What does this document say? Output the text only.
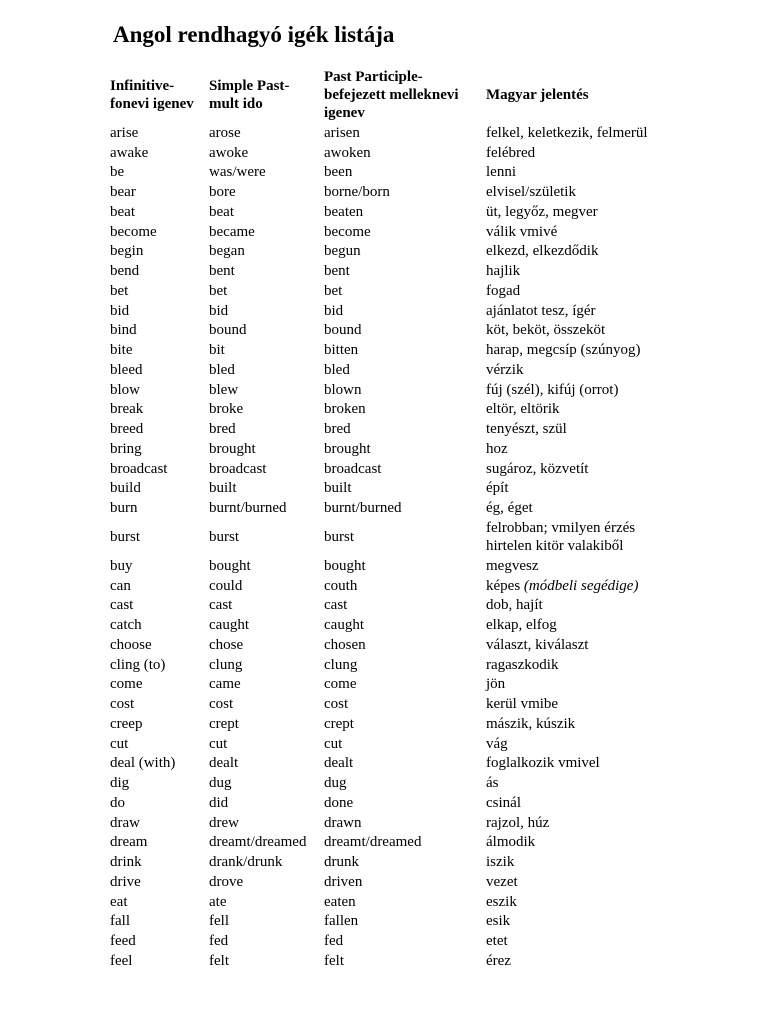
Angol rendhagyó igék listája
Infinitive-fonevi igenev	Simple Past-mult ido	Past Participle-befejezett melleknevi igenev	Magyar jelentés
arise	arose	arisen	felkel, keletkezik, felmerül
awake	awoke	awoken	felébred
be	was/were	been	lenni
bear	bore	borne/born	elvisel/születik
beat	beat	beaten	üt, legyőz, megver
become	became	become	válik vmivé
begin	began	begun	elkezd, elkezdődik
bend	bent	bent	hajlik
bet	bet	bet	fogad
bid	bid	bid	ajánlatot tesz, ígér
bind	bound	bound	köt, beköt, összeköt
bite	bit	bitten	harap, megcsíp (szúnyog)
bleed	bled	bled	vérzik
blow	blew	blown	fúj (szél), kifúj (orrot)
break	broke	broken	eltör, eltörik
breed	bred	bred	tenyészt, szül
bring	brought	brought	hoz
broadcast	broadcast	broadcast	sugároz, közvetít
build	built	built	épít
burn	burnt/burned	burnt/burned	ég, éget
burst	burst	burst	felrobban; vmilyen érzés hirtelen kitör valakiből
buy	bought	bought	megvesz
can	could	couth	képes (módbeli segédige)
cast	cast	cast	dob, hajít
catch	caught	caught	elkap, elfog
choose	chose	chosen	választ, kiválaszt
cling (to)	clung	clung	ragaszkodik
come	came	come	jön
cost	cost	cost	kerül vmibe
creep	crept	crept	mászik, kúszik
cut	cut	cut	vág
deal (with)	dealt	dealt	foglalkozik vmivel
dig	dug	dug	ás
do	did	done	csinál
draw	drew	drawn	rajzol, húz
dream	dreamt/dreamed	dreamt/dreamed	álmodik
drink	drank/drunk	drunk	iszik
drive	drove	driven	vezet
eat	ate	eaten	eszik
fall	fell	fallen	esik
feed	fed	fed	etet
feel	felt	felt	érez
